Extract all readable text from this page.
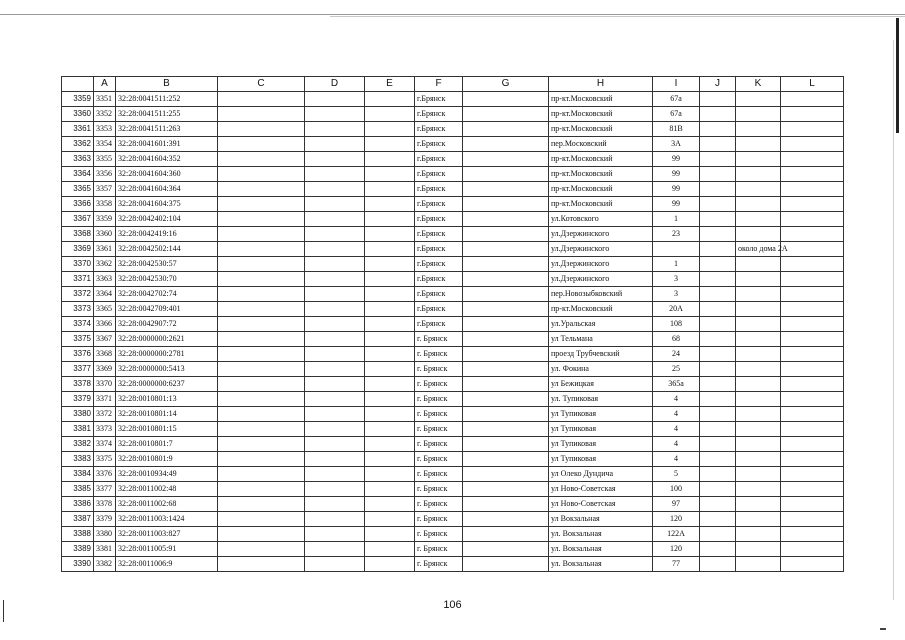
	A	B	C	D	E	F	G	H	I	J	K	L
3359	3351	32:28:0041511:252				г.Брянск		пр-кт.Московский	67а			
3360	3352	32:28:0041511:255				г.Брянск		пр-кт.Московский	67а			
3361	3353	32:28:0041511:263				г.Брянск		пр-кт.Московский	81В			
3362	3354	32:28:0041601:391				г.Брянск		пер.Московский	3А			
3363	3355	32:28:0041604:352				г.Брянск		пр-кт.Московский	99			
3364	3356	32:28:0041604:360				г.Брянск		пр-кт.Московский	99			
3365	3357	32:28:0041604:364				г.Брянск		пр-кт.Московский	99			
3366	3358	32:28:0041604:375				г.Брянск		пр-кт.Московский	99			
3367	3359	32:28:0042402:104				г.Брянск		ул.Котовского	1			
3368	3360	32:28:0042419:16				г.Брянск		ул.Дзержинского	23			
3369	3361	32:28:0042502:144				г.Брянск		ул.Дзержинского			около дома 2А	
3370	3362	32:28:0042530:57				г.Брянск		ул.Дзержинского	1			
3371	3363	32:28:0042530:70				г.Брянск		ул.Дзержинского	3			
3372	3364	32:28:0042702:74				г.Брянск		пер.Новозыбковский	3			
3373	3365	32:28:0042709:401				г.Брянск		пр-кт.Московский	20А			
3374	3366	32:28:0042907:72				г.Брянск		ул.Уральская	108			
3375	3367	32:28:0000000:2621				г. Брянск		ул Тельмана	68			
3376	3368	32:28:0000000:2781				г. Брянск		проезд Трубчевский	24			
3377	3369	32:28:0000000:5413				г. Брянск		ул. Фокина	25			
3378	3370	32:28:0000000:6237				г. Брянск		ул Бежицкая	365а			
3379	3371	32:28:0010801:13				г. Брянск		ул. Тупиковая	4			
3380	3372	32:28:0010801:14				г. Брянск		ул Тупиковая	4			
3381	3373	32:28:0010801:15				г. Брянск		ул Тупиковая	4			
3382	3374	32:28:0010801:7				г. Брянск		ул Тупиковая	4			
3383	3375	32:28:0010801:9				г. Брянск		ул Тупиковая	4			
3384	3376	32:28:0010934:49				г. Брянск		ул Олеко Дундича	5			
3385	3377	32:28:0011002:48				г. Брянск		ул Ново-Советская	100			
3386	3378	32:28:0011002:68				г. Брянск		ул Ново-Советская	97			
3387	3379	32:28:0011003:1424				г. Брянск		ул Вокзальная	120			
3388	3380	32:28:0011003:827				г. Брянск		ул. Вокзальная	122А			
3389	3381	32:28:0011005:91				г. Брянск		ул. Вокзальная	120			
3390	3382	32:28:0011006:9				г. Брянск		ул. Вокзальная	77			
106
